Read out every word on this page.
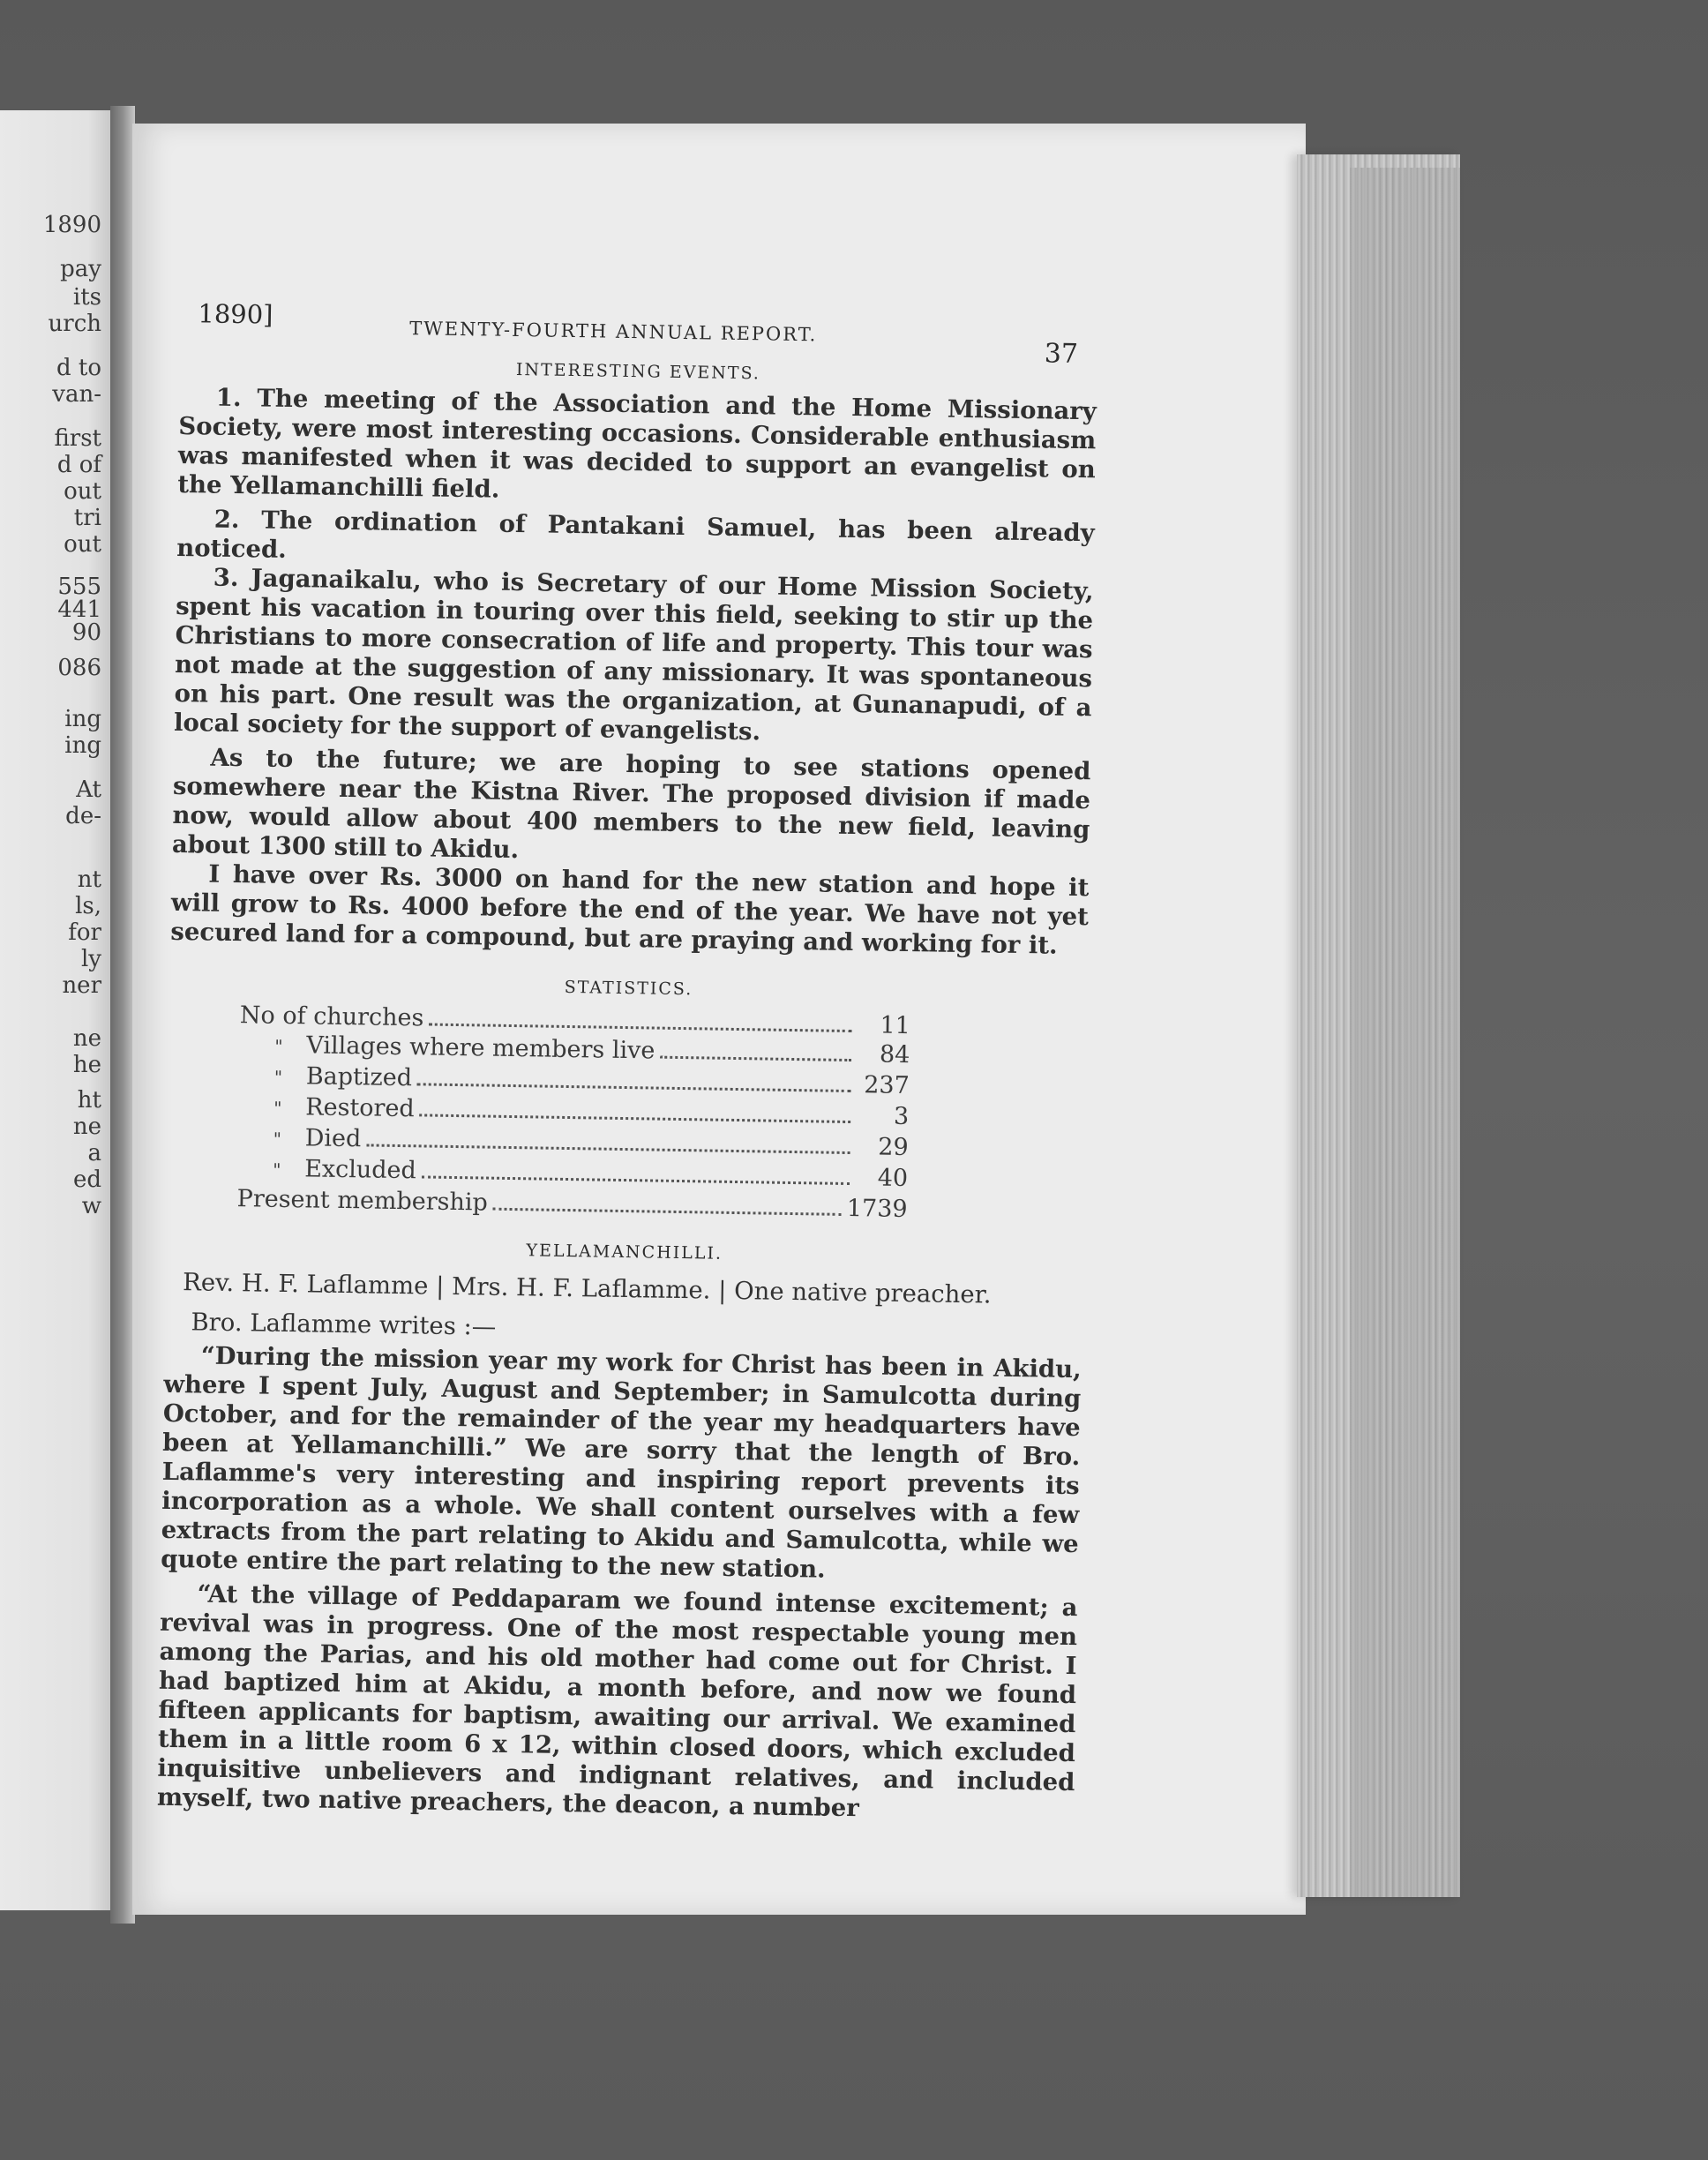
1890
pay
its
urch
d to
van-
first
d of
out
tri
out
555
441
90
086
ing
ing
At
de-
nt
ls,
for
ly
ner
ne
he
ht
ne
a
ed
w
1890]
TWENTY-FOURTH ANNUAL REPORT.
37
INTERESTING EVENTS.

1. The meeting of the Association and the Home Missionary Society, were most interesting occasions. Considerable enthusiasm was manifested when it was decided to support an evangelist on the Yellamanchilli field.

2. The ordination of Pantakani Samuel, has been already noticed.

3. Jaganaikalu, who is Secretary of our Home Mission Society, spent his vacation in touring over this field, seeking to stir up the Christians to more consecration of life and property. This tour was not made at the suggestion of any missionary. It was spontaneous on his part. One result was the organization, at Gunanapudi, of a local society for the support of evangelists.

As to the future; we are hoping to see stations opened somewhere near the Kistna River. The proposed division if made now, would allow about 400 members to the new field, leaving about 1300 still to Akidu.

I have over Rs. 3000 on hand for the new station and hope it will grow to Rs. 4000 before the end of the year. We have not yet secured land for a compound, but are praying and working for it.

STATISTICS.
No of churches	11
" Villages where members live	84
" Baptized	237
" Restored	3
" Died	29
" Excluded	40
Present membership	1739
YELLAMANCHILLI.
Rev. H. F. Laflamme | Mrs. H. F. Laflamme. | One native preacher.
Bro. Laflamme writes :—

“During the mission year my work for Christ has been in Akidu, where I spent July, August and September; in Samulcotta during October, and for the remainder of the year my headquarters have been at Yellamanchilli.” We are sorry that the length of Bro. Laflamme's very interesting and inspiring report prevents its incorporation as a whole. We shall content ourselves with a few extracts from the part relating to Akidu and Samulcotta, while we quote entire the part relating to the new station.

“At the village of Peddaparam we found intense excitement; a revival was in progress. One of the most respectable young men among the Parias, and his old mother had come out for Christ. I had baptized him at Akidu, a month before, and now we found fifteen applicants for baptism, awaiting our arrival. We examined them in a little room 6 x 12, within closed doors, which excluded inquisitive unbelievers and indignant relatives, and included myself, two native preachers, the deacon, a number
